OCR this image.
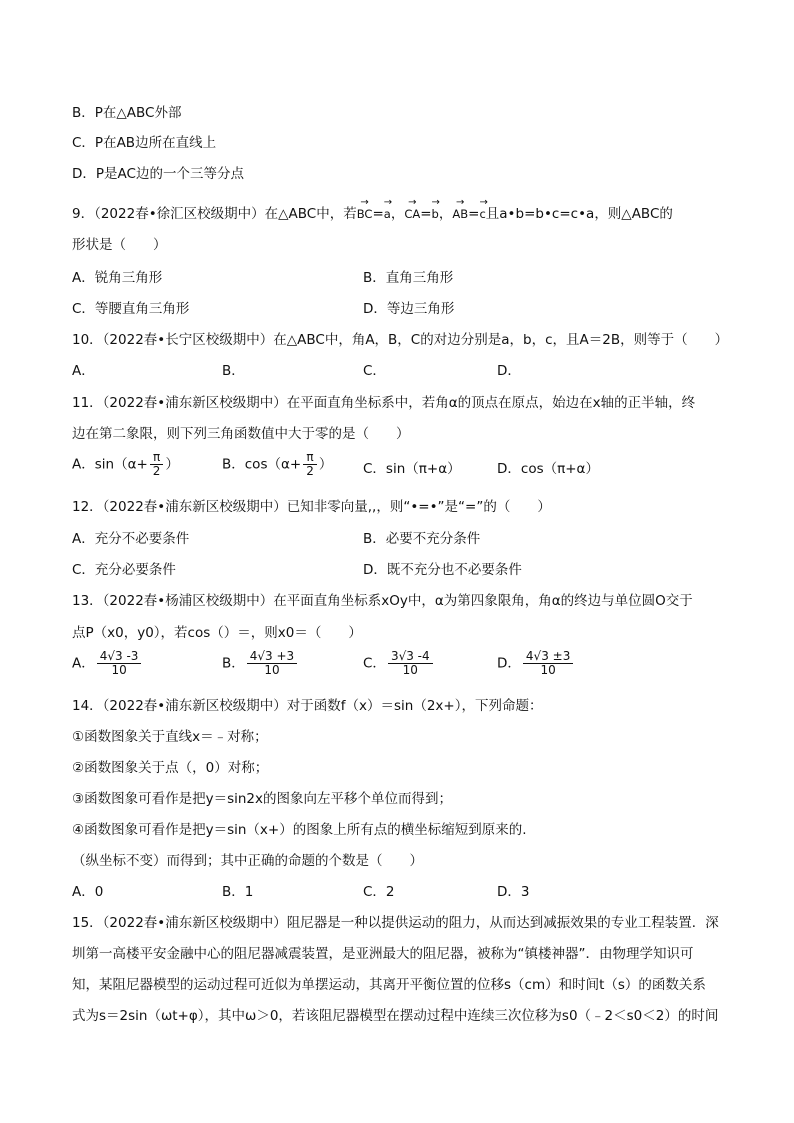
B．P在△ABC外部
C．P在AB边所在直线上
D．P是AC边的一个三等分点
9．（2022春•徐汇区校级期中）在△ABC中，若→ BC=→ a，→ CA=→ b，→ AB=→ c且a•b=b•c=c•a，则△ABC的
形状是（　　）
A．锐角三角形	B．直角三角形
C．等腰直角三角形	D．等边三角形
10．（2022春•长宁区校级期中）在△ABC中，角A，B，C的对边分别是a，b，c，且A＝2B，则等于（　　）
A．	B．	C．	D．
11．（2022春•浦东新区校级期中）在平面直角坐标系中，若角α的顶点在原点，始边在x轴的正半轴，终
边在第二象限，则下列三角函数值中大于零的是（　　）
A．$\sin(\alpha+ \frac{\pi}{2}$ ）	B．$\cos(\alpha+ \frac{\pi}{2}$ ） C．sin（π+α）	D．cos（π+α）
12．（2022春•浦东新区校级期中）已知非零向量,,，则“•=•”是“=”的（　　）
A．充分不必要条件	B．必要不充分条件
C．充分必要条件	D．既不充分也不必要条件
13．（2022春•杨浦区校级期中）在平面直角坐标系xOy中，α为第四象限角，角α的终边与单位圆O交于
点P（x0，y0），若cos（）＝，则x0＝（　　）
A． $\frac{4√3 -3}{10}$	B． $\frac{4√3 +3}{10}$	C． $\frac{3√3 -4}{10}$	D． $\frac{4√3 \pm 3}{10}$
14．（2022春•浦东新区校级期中）对于函数f（x）＝sin（2x+），下列命题：
①函数图象关于直线x＝﹣对称；
②函数图象关于点（，0）对称；
③函数图象可看作是把y＝sin2x的图象向左平移个单位而得到；
④函数图象可看作是把y＝sin（x+）的图象上所有点的横坐标缩短到原来的.
（纵坐标不变）而得到；其中正确的命题的个数是（　　）
A．0	B．1	C．2	D．3
15．（2022春•浦东新区校级期中）阻尼器是一种以提供运动的阻力，从而达到减振效果的专业工程装置．深
圳第一高楼平安金融中心的阻尼器减震装置，是亚洲最大的阻尼器，被称为“镇楼神器”．由物理学知识可
知，某阻尼器模型的运动过程可近似为单摆运动，其离开平衡位置的位移s（cm）和时间t（s）的函数关系
式为s＝2sin（ωt+φ），其中ω＞0，若该阻尼器模型在摆动过程中连续三次位移为s0（﹣2＜s0＜2）的时间
